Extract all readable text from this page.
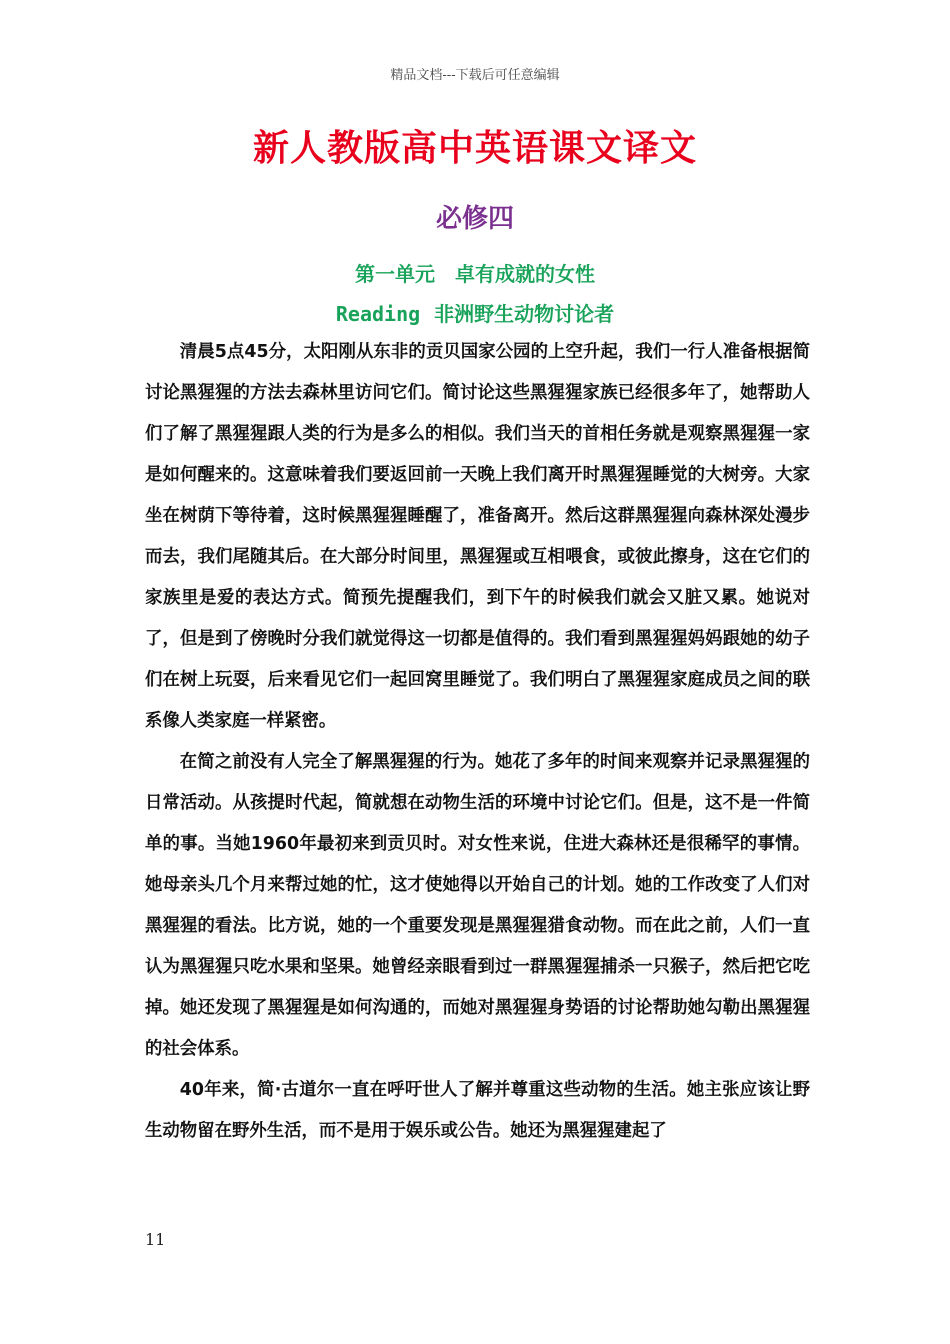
精品文档---下载后可任意编辑
新人教版高中英语课文译文
必修四
第一单元　卓有成就的女性
Reading 非洲野生动物讨论者

清晨5点45分，太阳刚从东非的贡贝国家公园的上空升起，我们一行人准备根据简讨论黑猩猩的方法去森林里访问它们。简讨论这些黑猩猩家族已经很多年了，她帮助人们了解了黑猩猩跟人类的行为是多么的相似。我们当天的首相任务就是观察黑猩猩一家是如何醒来的。这意味着我们要返回前一天晚上我们离开时黑猩猩睡觉的大树旁。大家坐在树荫下等待着，这时候黑猩猩睡醒了，准备离开。然后这群黑猩猩向森林深处漫步而去，我们尾随其后。在大部分时间里，黑猩猩或互相喂食，或彼此擦身，这在它们的家族里是爱的表达方式。简预先提醒我们，到下午的时候我们就会又脏又累。她说对了，但是到了傍晚时分我们就觉得这一切都是值得的。我们看到黑猩猩妈妈跟她的幼子们在树上玩耍，后来看见它们一起回窝里睡觉了。我们明白了黑猩猩家庭成员之间的联系像人类家庭一样紧密。

在简之前没有人完全了解黑猩猩的行为。她花了多年的时间来观察并记录黑猩猩的日常活动。从孩提时代起，简就想在动物生活的环境中讨论它们。但是，这不是一件简单的事。当她1960年最初来到贡贝时。对女性来说，住进大森林还是很稀罕的事情。她母亲头几个月来帮过她的忙，这才使她得以开始自己的计划。她的工作改变了人们对黑猩猩的看法。比方说，她的一个重要发现是黑猩猩猎食动物。而在此之前，人们一直认为黑猩猩只吃水果和坚果。她曾经亲眼看到过一群黑猩猩捕杀一只猴子，然后把它吃掉。她还发现了黑猩猩是如何沟通的，而她对黑猩猩身势语的讨论帮助她勾勒出黑猩猩的社会体系。

40年来，简·古道尔一直在呼吁世人了解并尊重这些动物的生活。她主张应该让野生动物留在野外生活，而不是用于娱乐或公告。她还为黑猩猩建起了

11
